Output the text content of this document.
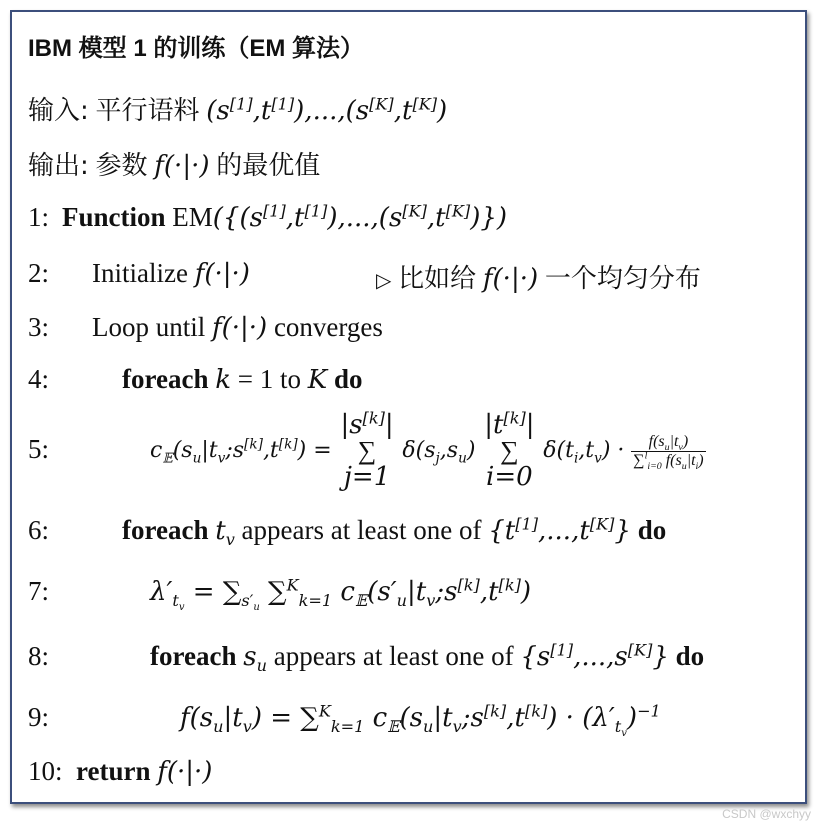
IBM 模型 1 的训练（EM 算法）
输入: 平行语料 (s[1],t[1]),...,(s[K],t[K])
输出: 参数 f(·|·) 的最优值
1: Function EM({(s[1],t[1]),...,(s[K],t[K])})
2: Initialize f(·|·)	▷ 比如给 f(·|·) 一个均匀分布
3: Loop until f(·|·) converges
4:	foreach k = 1 to K do
5:	$c_𝔼(s_u|t_v;s[k],t[k]) = |s[k]|$
∑
j=1 $\delta(s_j,s_u)$ |t[k]|
∑
i=0 $\delta(t_i,t_v) \cdot \frac{f(s_u|t_v)}{\sum^l_{i=0} f(s_u|t_i)}$
6:	foreach $t_v$ appears at least one of {t[1],...,t[K]} do
7:	$\lambda'_{t_v} = \sum_{s'_u}$ ∑$^K_{k=1}$ $c_𝔼(s'_u|t_v;s[k],t[k])$
8:	foreach $s_u$ appears at least one of {s[1],...,s[K]} do
9:	$f(s_u|t_v) = \sum^K_{k=1}$ $c_𝔼(s_u|t_v;s[k],t[k]) \cdot (\lambda'_{t_v})^{-1}$
10: return f(·|·)
CSDN @wxchyy
